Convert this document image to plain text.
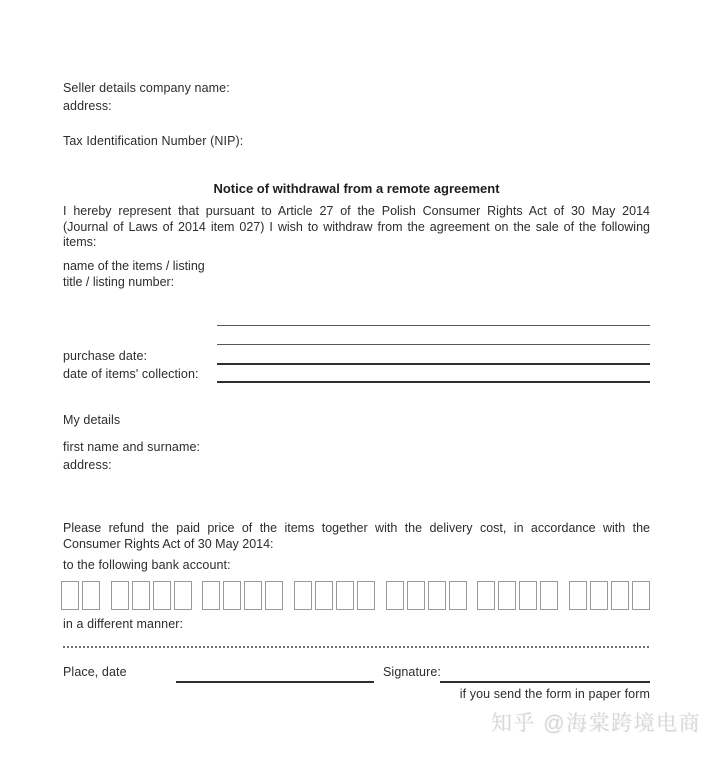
Seller details company name:
address:
Tax Identification Number (NIP):
Notice of withdrawal from a remote agreement
I hereby represent that pursuant to Article 27 of the Polish Consumer Rights Act of 30 May 2014
(Journal of Laws of 2014 item 027) I wish to withdraw from the agreement on the sale of the following
items:
name of the items / listing
title / listing number:
purchase date:
date of items' collection:
My details
first name and surname:
address:
Please refund the paid price of the items together with the delivery cost, in accordance with the
Consumer Rights Act of 30 May 2014:
to the following bank account:
in a different manner:
Place, date	Signature:
if you send the form in paper form
知乎 @海棠跨境电商
